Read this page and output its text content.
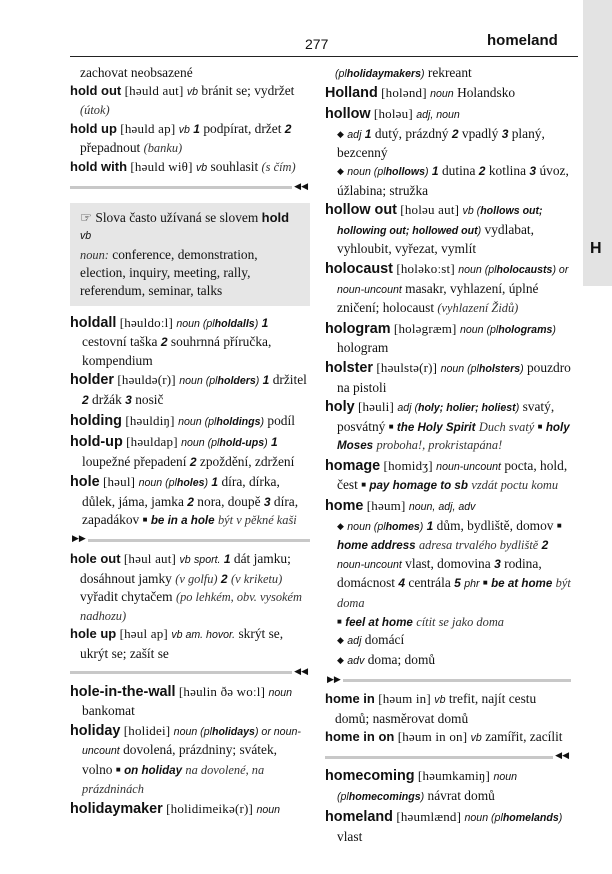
277	homeland
H

zachovat neobsazené

hold out [həuld aut] vb bránit se; vydržet (útok)

hold up [həuld ap] vb 1 podpírat, držet 2 přepadnout (banku)

hold with [həuld wiθ] vb souhlasit (s čím)

◀◀
☞ Slova často užívaná se slovem hold vb
noun: conference, demonstration, election, inquiry, meeting, rally, referendum, seminar, talks

holdall [həuldoːl] noun (plholdalls) 1 cestovní taška 2 souhrnná příručka, kompendium

holder [həuldə(r)] noun (plholders) 1 držitel 2 držák 3 nosič

holding [həuldiŋ] noun (plholdings) podíl

hold-up [həuldap] noun (plhold-ups) 1 loupežné přepadení 2 zpoždění, zdržení

hole [həul] noun (plholes) 1 díra, dírka, důlek, jáma, jamka 2 nora, doupě 3 díra, zapadákov ■ be in a hole být v pěkné kaši

▶▶

hole out [həul aut] vb sport. 1 dát jamku; dosáhnout jamky (v golfu) 2 (v kriketu) vyřadit chytačem (po lehkém, obv. vysokém nadhozu)

hole up [həul ap] vb am. hovor. skrýt se, ukrýt se; zašít se

◀◀

hole-in-the-wall [həulin ðə woːl] noun bankomat

holiday [holidei] noun (plholidays) or noun-uncount dovolená, prázdniny; svátek, volno ■ on holiday na dovolené, na prázdninách

holidaymaker [holidimeikə(r)] noun

(plholidaymakers) rekreant

Holland [holənd] noun Holandsko

hollow [holəu] adj, noun
◆ adj 1 dutý, prázdný 2 vpadlý 3 planý, bezcenný
◆ noun (plhollows) 1 dutina 2 kotlina 3 úvoz, úžlabina; stružka

hollow out [holəu aut] vb (hollows out; hollowing out; hollowed out) vydlabat, vyhloubit, vyřezat, vymlít

holocaust [holəkoːst] noun (plholocausts) or noun-uncount masakr, vyhlazení, úplné zničení; holocaust (vyhlazení Židů)

hologram [holəgræm] noun (plholograms) hologram

holster [həulstə(r)] noun (plholsters) pouzdro na pistoli

holy [həuli] adj (holy; holier; holiest) svatý, posvátný ■ the Holy Spirit Duch svatý ■ holy Moses proboha!, prokristapána!

homage [homidʒ] noun-uncount pocta, hold, čest ■ pay homage to sb vzdát poctu komu

home [həum] noun, adj, adv
◆ noun (plhomes) 1 dům, bydliště, domov ■ home address adresa trvalého bydliště 2 noun-uncount vlast, domovina 3 rodina, domácnost 4 centrála 5 phr ■ be at home být doma
■ feel at home cítit se jako doma
◆ adj domácí
◆ adv doma; domů

▶▶

home in [həum in] vb trefit, najít cestu domů; nasměrovat domů

home in on [həum in on] vb zamířit, zacílit

◀◀

homecoming [həumkamiŋ] noun (plhomecomings) návrat domů

homeland [həumlænd] noun (plhomelands) vlast
